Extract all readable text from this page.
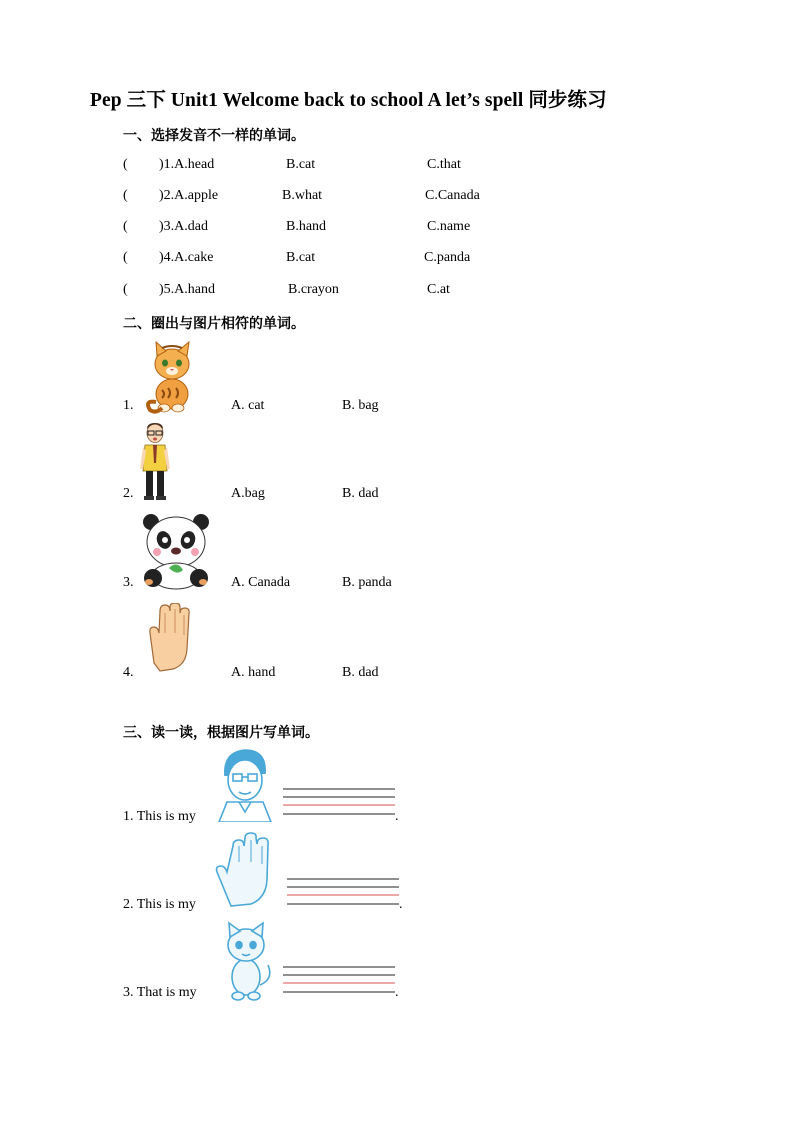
Pep 三下 Unit1 Welcome back to school A let’s spell 同步练习
一、选择发音不一样的单词。
( )1.A.head	B.cat	C.that
( )2.A.apple	B.what	C.Canada
( )3.A.dad	B.hand	C.name
( )4.A.cake	B.cat	C.panda
( )5.A.hand	B.crayon	C.at
二、圈出与图片相符的单词。
1.	A. cat	B. bag
2.	A.bag	B. dad
3.	A. Canada	B. panda
4.	A. hand	B. dad
三、读一读，根据图片写单词。
1. This is my	.
2. This is my	.
3. That is my	.
